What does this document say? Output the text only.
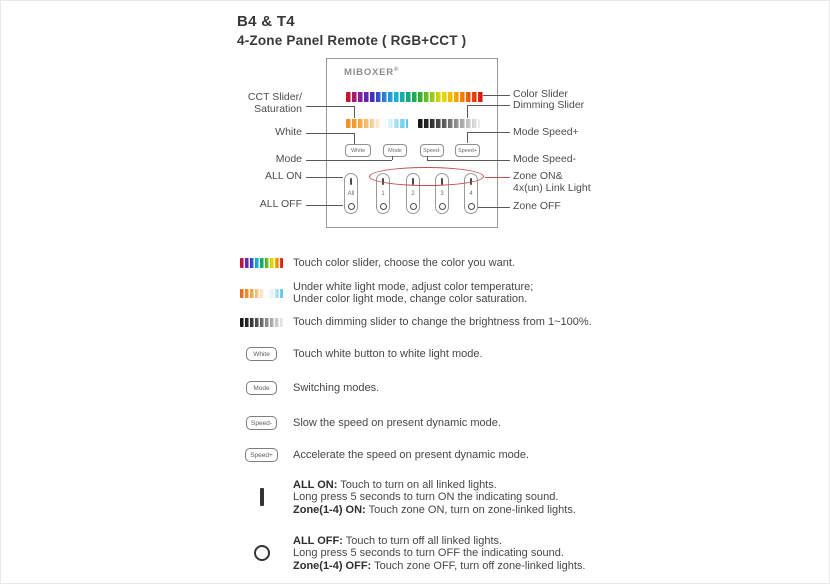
B4 & T4
4-Zone Panel Remote ( RGB+CCT )
MIBOXER®
White	Mode	Speed-	Speed+
All	1	2	3	4
CCT Slider/
Saturation
White
Mode
ALL ON
ALL OFF
Color Slider
Dimming Slider
Mode Speed+
Mode Speed-
Zone ON&
4x(un) Link Light
Zone OFF
Touch color slider, choose the color you want.
Under white light mode, adjust color temperature;
Under color light mode, change color saturation.
Touch dimming slider to change the brightness from 1~100%.
White	Touch white button to white light mode.
Mode	Switching modes.
Speed-	Slow the speed on present dynamic mode.
Speed+	Accelerate the speed on present dynamic mode.
ALL ON: Touch to turn on all linked lights.
Long press 5 seconds to turn ON the indicating sound.
Zone(1-4) ON: Touch zone ON, turn on zone-linked lights.
ALL OFF: Touch to turn off all linked lights.
Long press 5 seconds to turn OFF the indicating sound.
Zone(1-4) OFF: Touch zone OFF, turn off zone-linked lights.
